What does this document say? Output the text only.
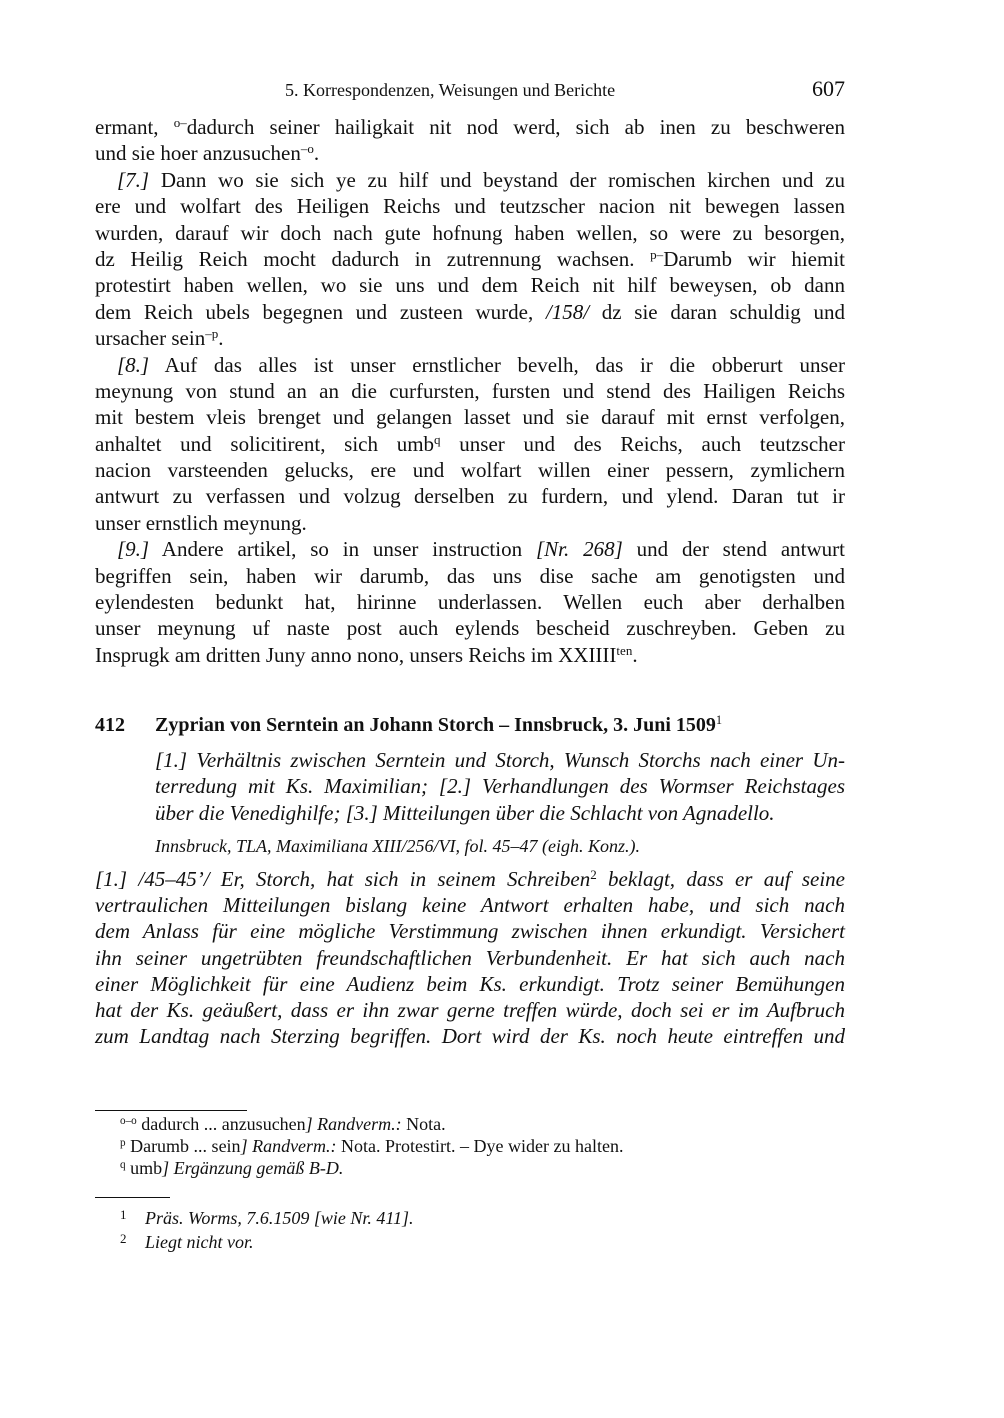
5. Korrespondenzen, Weisungen und Berichte	607
ermant, $^{o-}$dadurch seiner hailigkait nit nod werd, sich ab inen zu beschweren
und sie hoer anzusuchen$^{-o}$.
[7.] Dann wo sie sich ye zu hilf und beystand der romischen kirchen und zu
ere und wolfart des Heiligen Reichs und teutzscher nacion nit bewegen lassen
wurden, darauf wir doch nach gute hofnung haben wellen, so were zu besorgen,
dz Heilig Reich mocht dadurch in zutrennung wachsen. $^{p-}$Darumb wir hiemit
protestirt haben wellen, wo sie uns und dem Reich nit hilf beweysen, ob dann
dem Reich ubels begegnen und zusteen wurde, /158/ dz sie daran schuldig und
ursacher sein$^{-p}$.
[8.] Auf das alles ist unser ernstlicher bevelh, das ir die obberurt unser
meynung von stund an an die curfursten, fursten und stend des Hailigen Reichs
mit bestem vleis brenget und gelangen lasset und sie darauf mit ernst verfolgen,
anhaltet und solicitirent, sich umb$^q$ unser und des Reichs, auch teutzscher
nacion varsteenden gelucks, ere und wolfart willen einer pessern, zymlichern
antwurt zu verfassen und volzug derselben zu furdern, und ylend. Daran tut ir
unser ernstlich meynung.
[9.] Andere artikel, so in unser instruction [Nr. 268] und der stend antwurt
begriffen sein, haben wir darumb, das uns dise sache am genotigsten und
eylendesten bedunkt hat, hirinne underlassen. Wellen euch aber derhalben
unser meynung uf naste post auch eylends bescheid zuschreyben. Geben zu
Insprugk am dritten Juny anno nono, unsers Reichs im $XXIIII^{ten}$.
412 Zyprian von Serntein an Johann Storch – Innsbruck, 3. Juni 1509$^1$
[1.] Verhältnis zwischen Serntein und Storch, Wunsch Storchs nach einer Un-
terredung mit Ks. Maximilian; [2.] Verhandlungen des Wormser Reichstages
über die Venedighilfe; [3.] Mitteilungen über die Schlacht von Agnadello.
Innsbruck, TLA, Maximiliana XIII/256/VI, fol. 45–47 (eigh. Konz.).
[1.] /45–45’/ Er, Storch, hat sich in seinem Schreiben$^2$ beklagt, dass er auf seine
vertraulichen Mitteilungen bislang keine Antwort erhalten habe, und sich nach
dem Anlass für eine mögliche Verstimmung zwischen ihnen erkundigt. Versichert
ihn seiner ungetrübten freundschaftlichen Verbundenheit. Er hat sich auch nach
einer Möglichkeit für eine Audienz beim Ks. erkundigt. Trotz seiner Bemühungen
hat der Ks. geäußert, dass er ihn zwar gerne treffen würde, doch sei er im Aufbruch
zum Landtag nach Sterzing begriffen. Dort wird der Ks. noch heute eintreffen und
$^{o-o}$ dadurch ... anzusuchen] Randverm.: Nota.
$^p$ Darumb ... sein] Randverm.: Nota. Protestirt. – Dye wider zu halten.
$^q$ umb] Ergänzung gemäß B-D.
1 Präs. Worms, 7.6.1509 [wie Nr. 411].
2 Liegt nicht vor.
